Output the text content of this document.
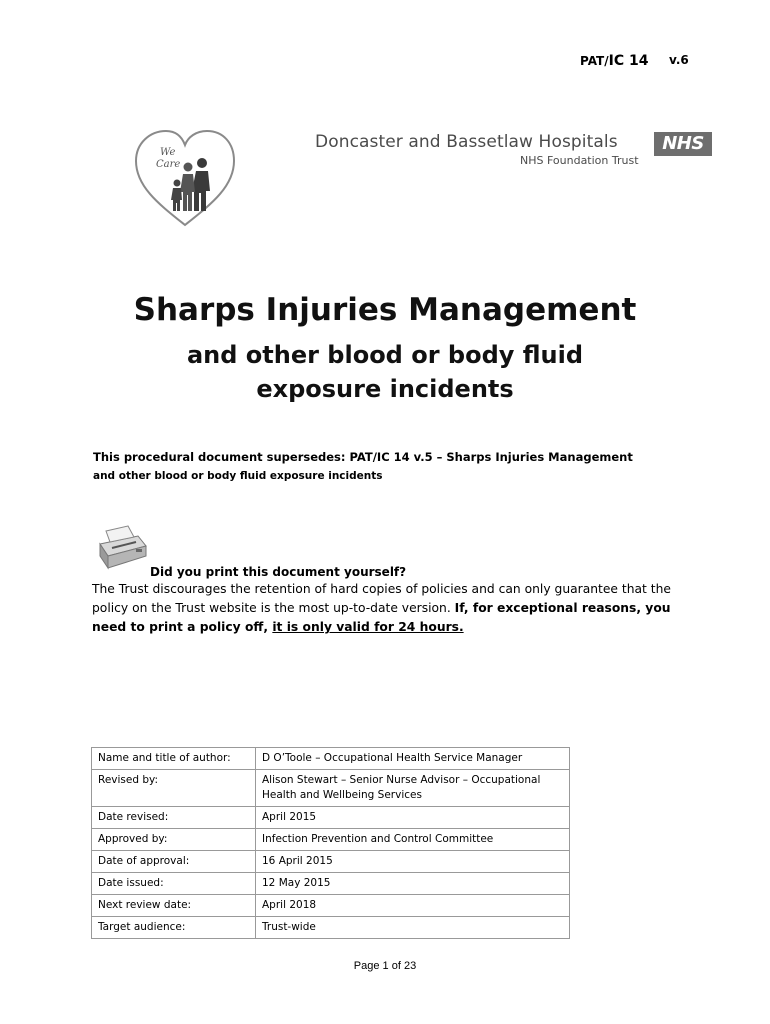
PAT/IC 14 v.6
We
Care
Doncaster and Bassetlaw Hospitals
NHS Foundation Trust
NHS
Sharps Injuries Management
and other blood or body fluid
exposure incidents
This procedural document supersedes: PAT/IC 14 v.5 – Sharps Injuries Management
and other blood or body fluid exposure incidents
Did you print this document yourself?
The Trust discourages the retention of hard copies of policies and can only guarantee that the policy on the Trust website is the most up-to-date version. If, for exceptional reasons, you need to print a policy off, it is only valid for 24 hours.
Name and title of author:	D O’Toole – Occupational Health Service Manager
Revised by:	Alison Stewart – Senior Nurse Advisor – Occupational Health and Wellbeing Services
Date revised:	April 2015
Approved by:	Infection Prevention and Control Committee
Date of approval:	16 April 2015
Date issued:	12 May 2015
Next review date:	April 2018
Target audience:	Trust-wide
Page 1 of 23
